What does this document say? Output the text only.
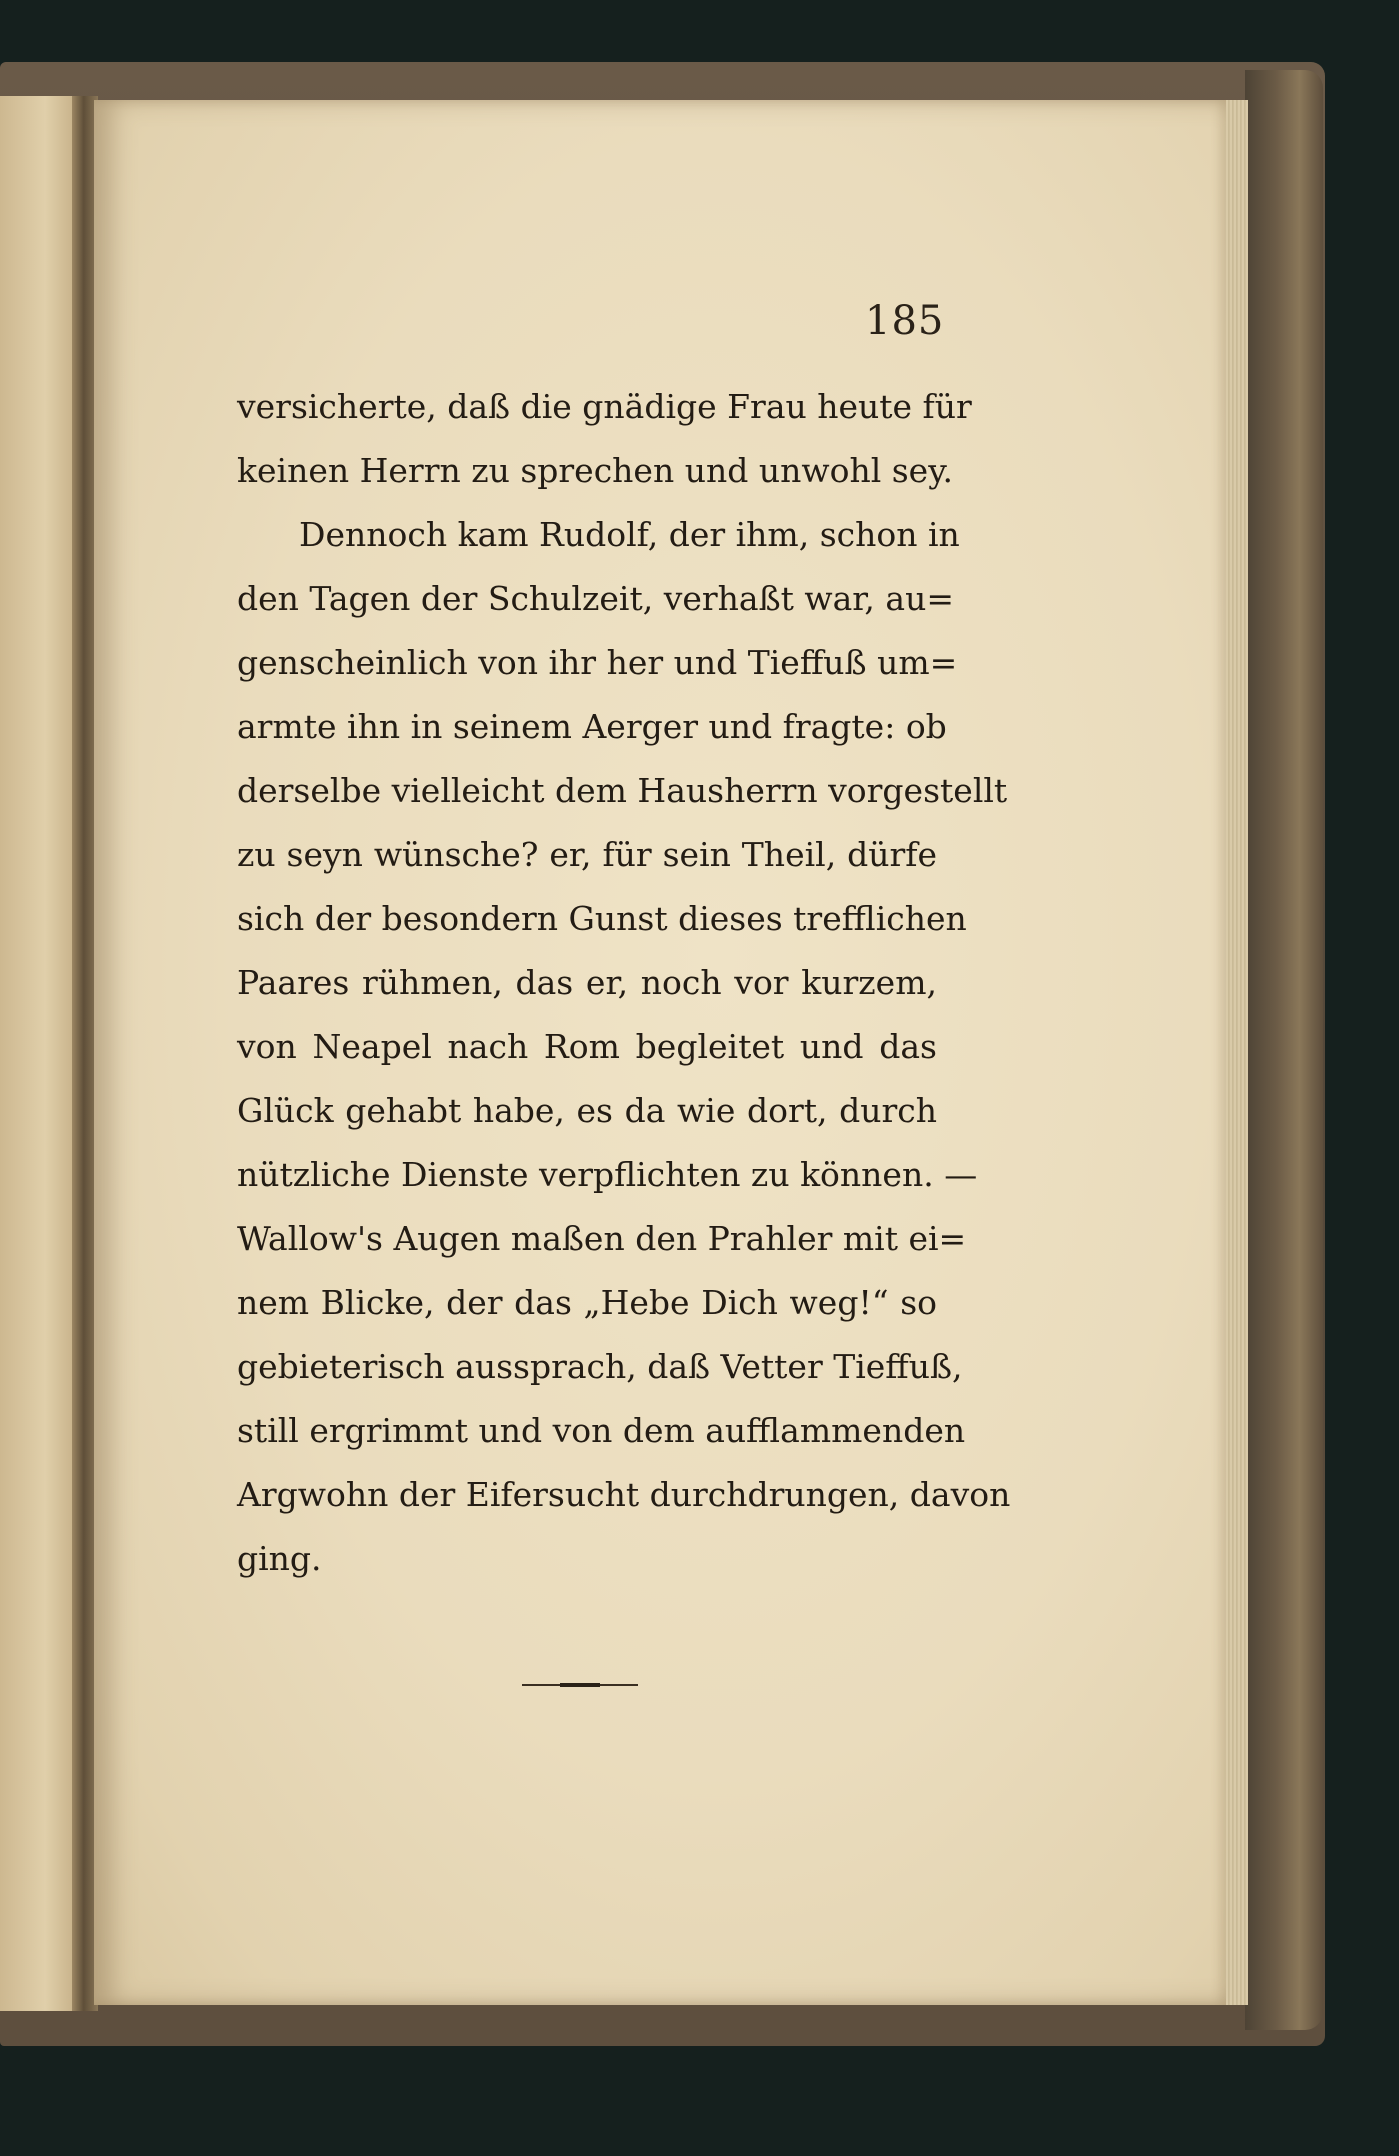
185
versicherte, daß die gnädige Frau heute für
keinen Herrn zu sprechen und unwohl sey.
Dennoch kam Rudolf, der ihm, schon in
den Tagen der Schulzeit, verhaßt war, au=
genscheinlich von ihr her und Tieffuß um=
armte ihn in seinem Aerger und fragte: ob
derselbe vielleicht dem Hausherrn vorgestellt
zu seyn wünsche? er, für sein Theil, dürfe
sich der besondern Gunst dieses trefflichen
Paares rühmen, das er, noch vor kurzem,
von Neapel nach Rom begleitet und das
Glück gehabt habe, es da wie dort, durch
nützliche Dienste verpflichten zu können. —
Wallow's Augen maßen den Prahler mit ei=
nem Blicke, der das „Hebe Dich weg!“ so
gebieterisch aussprach, daß Vetter Tieffuß,
still ergrimmt und von dem aufflammenden
Argwohn der Eifersucht durchdrungen, davon
ging.
